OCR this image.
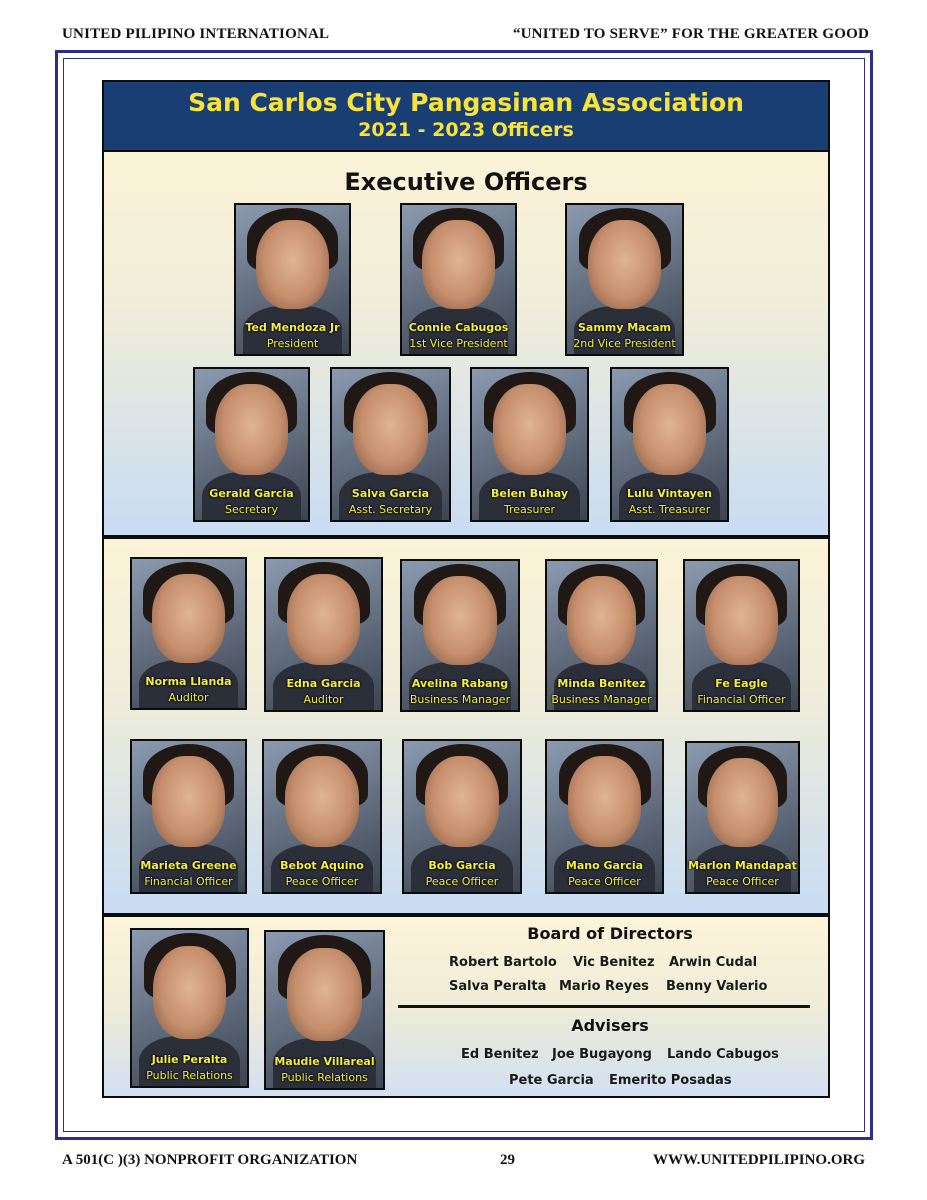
UNITED PILIPINO INTERNATIONAL	“UNITED TO SERVE” FOR THE GREATER GOOD
San Carlos City Pangasinan Association
2021 - 2023 Officers
Executive Officers
Ted Mendoza Jr
President
Connie Cabugos
1st Vice President
Sammy Macam
2nd Vice President
Gerald Garcia
Secretary
Salva Garcia
Asst. Secretary
Belen Buhay
Treasurer
Lulu Vintayen
Asst. Treasurer
Norma Llanda
Auditor
Edna Garcia
Auditor
Avelina Rabang
Business Manager
Minda Benitez
Business Manager
Fe Eagle
Financial Officer
Marieta Greene
Financial Officer
Bebot Aquino
Peace Officer
Bob Garcia
Peace Officer
Mano Garcia
Peace Officer
Marlon Mandapat
Peace Officer
Julie Peralta
Public Relations
Maudie Villareal
Public Relations
Board of Directors
Robert Bartolo Vic Benitez Arwin Cudal
Salva Peralta Mario Reyes Benny Valerio
Advisers
Ed Benitez Joe Bugayong Lando Cabugos
Pete Garcia Emerito Posadas
A 501(C )(3) NONPROFIT ORGANIZATION	29	WWW.UNITEDPILIPINO.ORG
